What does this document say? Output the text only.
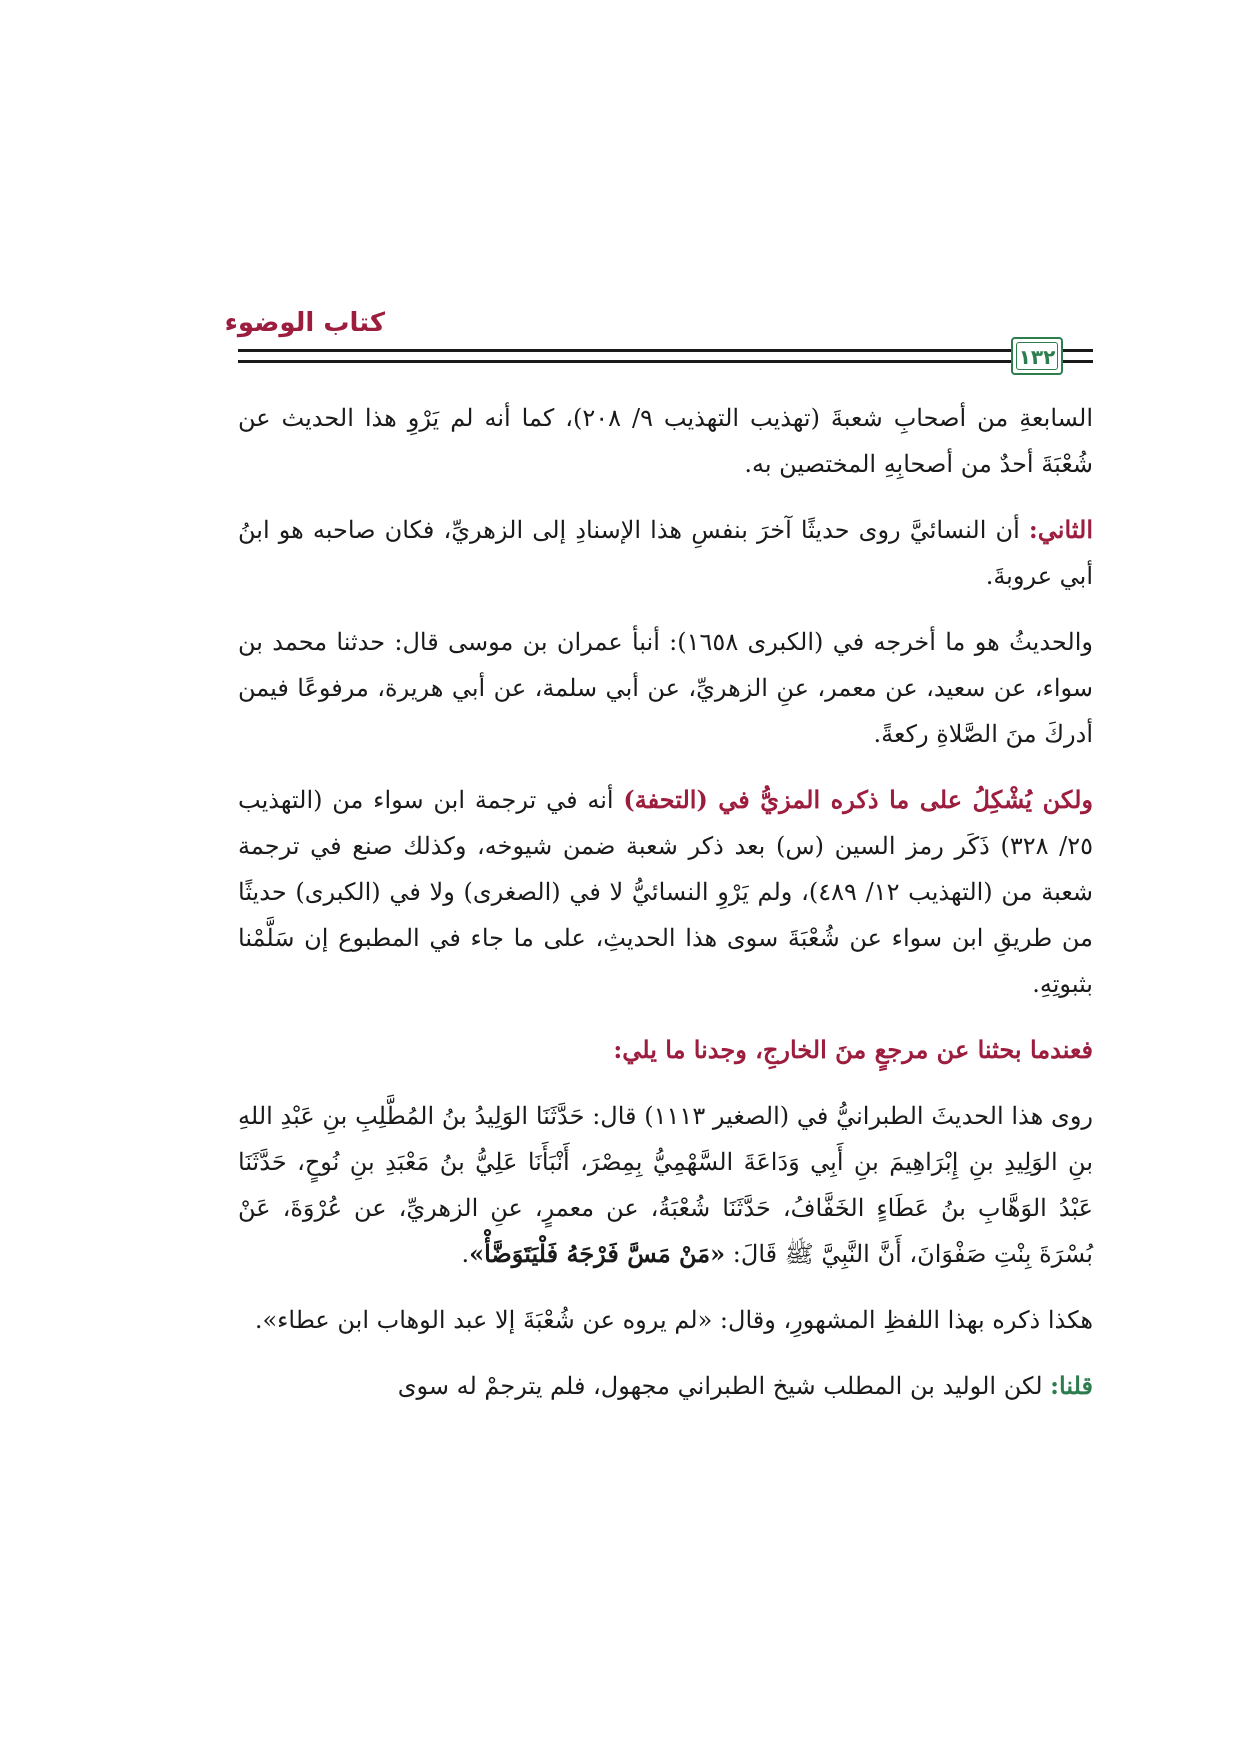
كتاب الوضوء
١٣٢

السابعةِ من أصحابِ شعبةَ (تهذيب التهذيب ٩/ ٢٠٨)، كما أنه لم يَرْوِ هذا الحديث عن شُعْبَةَ أحدٌ من أصحابِهِ المختصين به.

الثاني: أن النسائيَّ روى حديثًا آخرَ بنفسِ هذا الإسنادِ إلى الزهريِّ، فكان صاحبه هو ابنُ أبي عروبةَ.

والحديثُ هو ما أخرجه في (الكبرى ١٦٥٨): أنبأ عمران بن موسى قال: حدثنا محمد بن سواء، عن سعيد، عن معمر، عنِ الزهريِّ، عن أبي سلمة، عن أبي هريرة، مرفوعًا فيمن أدركَ منَ الصَّلاةِ ركعةً.

ولكن يُشْكِلُ على ما ذكره المزيُّ في (التحفة) أنه في ترجمة ابن سواء من (التهذيب ٢٥/ ٣٢٨) ذَكَر رمز السين (س) بعد ذكر شعبة ضمن شيوخه، وكذلك صنع في ترجمة شعبة من (التهذيب ١٢/ ٤٨٩)، ولم يَرْوِ النسائيُّ لا في (الصغرى) ولا في (الكبرى) حديثًا من طريقِ ابن سواء عن شُعْبَةَ سوى هذا الحديثِ، على ما جاء في المطبوع إن سَلَّمْنا بثبوتِهِ.

فعندما بحثنا عن مرجعٍ منَ الخارجِ، وجدنا ما يلي:

روى هذا الحديثَ الطبرانيُّ في (الصغير ١١١٣) قال: حَدَّثَنَا الوَلِيدُ بنُ المُطَّلِبِ بنِ عَبْدِ اللهِ بنِ الوَلِيدِ بنِ إِبْرَاهِيمَ بنِ أَبِي وَدَاعَةَ السَّهْمِيُّ بِمِصْرَ، أَنْبَأَنَا عَلِيُّ بنُ مَعْبَدِ بنِ نُوحٍ، حَدَّثَنَا عَبْدُ الوَهَّابِ بنُ عَطَاءٍ الخَفَّافُ، حَدَّثَنَا شُعْبَةُ، عن معمرٍ، عنِ الزهريِّ، عن عُرْوَةَ، عَنْ بُسْرَةَ بِنْتِ صَفْوَانَ، أَنَّ النَّبِيَّ ﷺ قَالَ: «مَنْ مَسَّ فَرْجَهُ فَلْيَتَوَضَّأْ».

هكذا ذكره بهذا اللفظِ المشهورِ، وقال: «لم يروه عن شُعْبَةَ إلا عبد الوهاب ابن عطاء».

قلنا: لكن الوليد بن المطلب شيخ الطبراني مجهول، فلم يترجمْ له سوى
